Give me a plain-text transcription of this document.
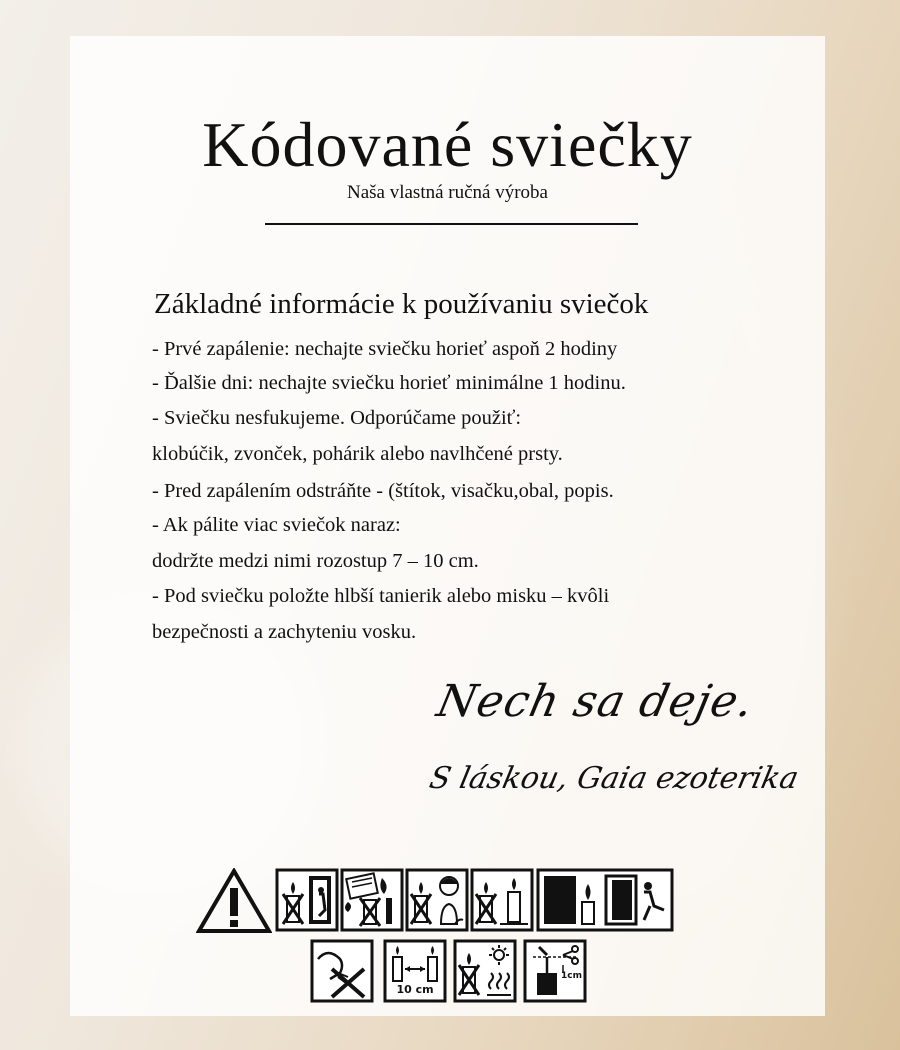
Kódované sviečky
Naša vlastná ručná výroba
Základné informácie k používaniu sviečok
- Prvé zapálenie: nechajte sviečku horieť aspoň 2 hodiny
- Ďalšie dni: nechajte sviečku horieť minimálne 1 hodinu.
- Sviečku nesfukujeme. Odporúčame použiť:
klobúčik, zvonček, pohárik alebo navlhčené prsty.
- Pred zapálením odstráňte - (štítok, visačku,obal, popis.
- Ak pálite viac sviečok naraz:
dodržte medzi nimi rozostup 7 – 10 cm.
- Pod sviečku položte hlbší tanierik alebo misku – kvôli
bezpečnosti a zachyteniu vosku.
Nech sa deje.
S láskou, Gaia ezoterika
10 cm
1cm
